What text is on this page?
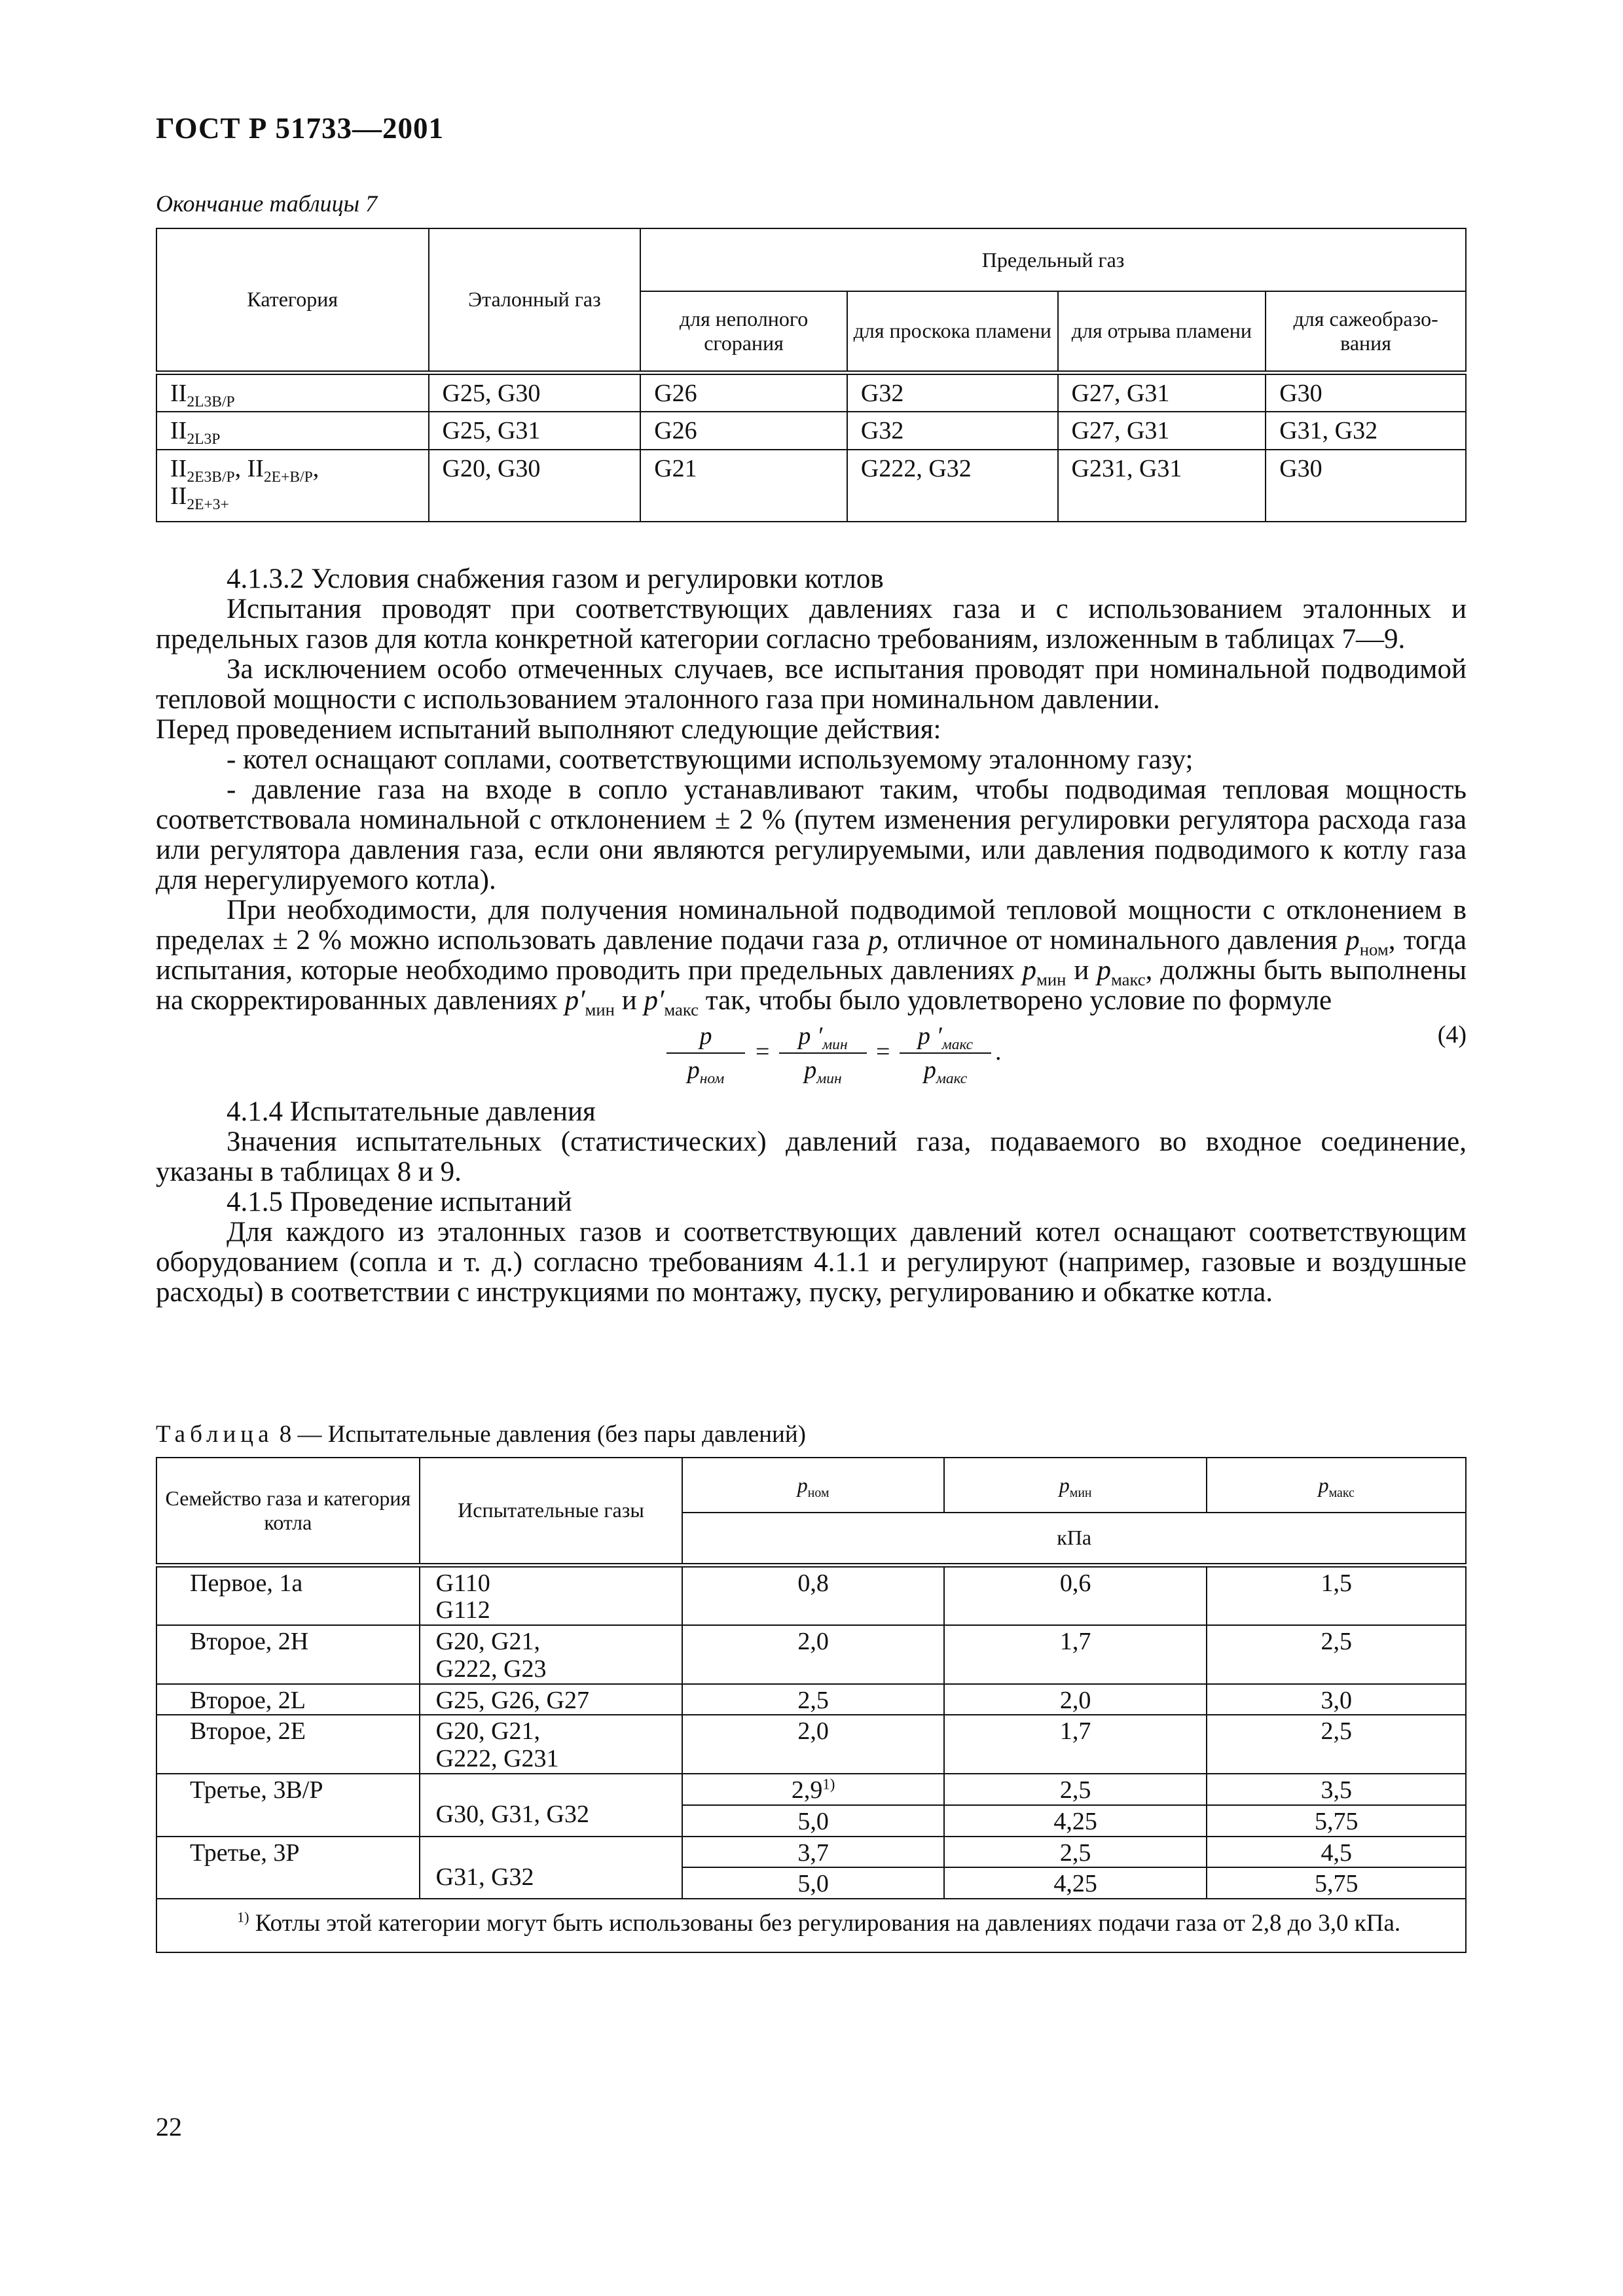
ГОСТ Р 51733—2001
Окончание таблицы 7
Категория	Эталонный газ	Предельный газ			
		для неполного сгорания	для проскока пламени	для отрыва пламени	для сажеобразо-вания
$II_{2L3B/P}$	G25, G30	G26	G32	G27, G31	G30
$II_{2L3P}$	G25, G31	G26	G32	G27, G31	G31, G32
$II_{2E3B/P}$, $II_{2E+B/P}$,
$II_{2E+3+}$	G20, G30	G21	G222, G32	G231, G31	G30

4.1.3.2 Условия снабжения газом и регулировки котлов

Испытания проводят при соответствующих давлениях газа и с использованием эталонных и предельных газов для котла конкретной категории согласно требованиям, изложенным в таблицах 7—9.

За исключением особо отмеченных случаев, все испытания проводят при номинальной подводимой тепловой мощности с использованием эталонного газа при номинальном давлении.

Перед проведением испытаний выполняют следующие действия:

- котел оснащают соплами, соответствующими используемому эталонному газу;

- давление газа на входе в сопло устанавливают таким, чтобы подводимая тепловая мощность соответствовала номинальной с отклонением ± 2 % (путем изменения регулировки регулятора расхода газа или регулятора давления газа, если они являются регулируемыми, или давления подводимого к котлу газа для нерегулируемого котла).

При необходимости, для получения номинальной подводимой тепловой мощности с отклонением в пределах ± 2 % можно использовать давление подачи газа p, отличное от номинального давления $p_{ном}$, тогда испытания, которые необходимо проводить при предельных давлениях $p_{мин}$ и $p_{макс}$, должны быть выполнены на скорректированных давлениях $p'_{мин}$ и $p'_{макс}$ так, чтобы было удовлетворено условие по формуле

p
$p_{ном}$
=
p $'_{мин}$
$p_{мин}$
=
p $'_{макс}$
$p_{макс}$
.
(4)

4.1.4 Испытательные давления

Значения испытательных (статистических) давлений газа, подаваемого во входное соединение, указаны в таблицах 8 и 9.

4.1.5 Проведение испытаний

Для каждого из эталонных газов и соответствующих давлений котел оснащают соответствующим оборудованием (сопла и т. д.) согласно требованиям 4.1.1 и регулируют (например, газовые и воздушные расходы) в соответствии с инструкциями по монтажу, пуску, регулированию и обкатке котла.

Таблица 8 — Испытательные давления (без пары давлений)
Семейство газа и категория котла	Испытательные газы	$p_{ном}$	$p_{мин}$	$p_{макс}$
		кПа		
Первое, 1a	G110
G112	0,8	0,6	1,5
Второе, 2H	G20, G21,
G222, G23	2,0	1,7	2,5
Второе, 2L	G25, G26, G27	2,5	2,0	3,0
Второе, 2E	G20, G21,
G222, G231	2,0	1,7	2,5
Третье, 3B/P	G30, G31, G32	2,9$^{1)}$	2,5	3,5
		5,0	4,25	5,75
Третье, 3P	G31, G32	3,7	2,5	4,5
		5,0	4,25	5,75
$^{1)}$ Котлы этой категории могут быть использованы без регулирования на давлениях подачи газа от 2,8 до 3,0 кПа.				
22
